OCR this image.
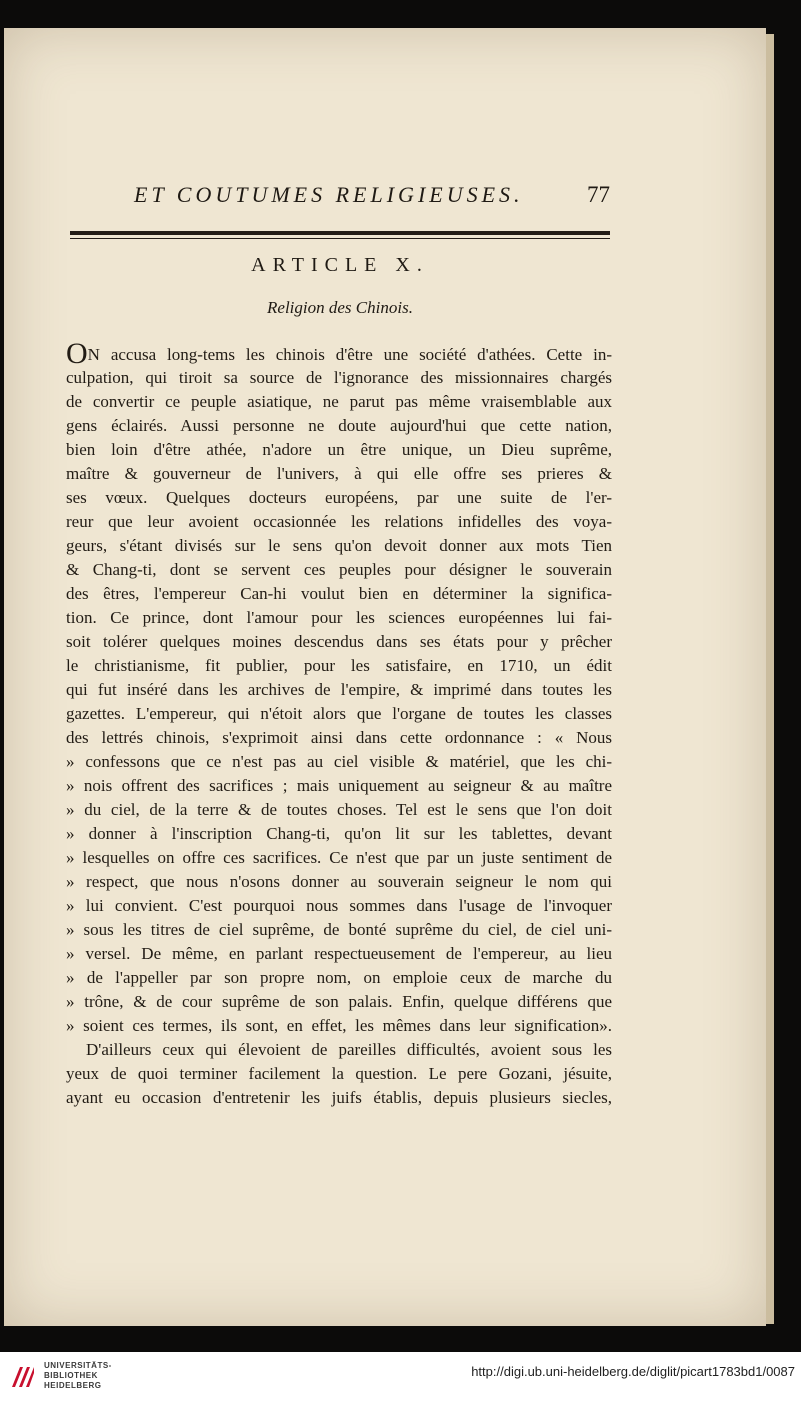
ET COUTUMES RELIGIEUSES.	77
ARTICLE X.
Religion des Chinois.
ON accusa long-tems les chinois d'être une société d'athées. Cette in-
culpation, qui tiroit sa source de l'ignorance des missionnaires chargés
de convertir ce peuple asiatique, ne parut pas même vraisemblable aux
gens éclairés. Aussi personne ne doute aujourd'hui que cette nation,
bien loin d'être athée, n'adore un être unique, un Dieu suprême,
maître & gouverneur de l'univers, à qui elle offre ses prieres &
ses vœux. Quelques docteurs européens, par une suite de l'er-
reur que leur avoient occasionnée les relations infidelles des voya-
geurs, s'étant divisés sur le sens qu'on devoit donner aux mots Tien
& Chang-ti, dont se servent ces peuples pour désigner le souverain
des êtres, l'empereur Can-hi voulut bien en déterminer la significa-
tion. Ce prince, dont l'amour pour les sciences européennes lui fai-
soit tolérer quelques moines descendus dans ses états pour y prêcher
le christianisme, fit publier, pour les satisfaire, en 1710, un édit
qui fut inséré dans les archives de l'empire, & imprimé dans toutes les
gazettes. L'empereur, qui n'étoit alors que l'organe de toutes les classes
des lettrés chinois, s'exprimoit ainsi dans cette ordonnance : « Nous
» confessons que ce n'est pas au ciel visible & matériel, que les chi-
» nois offrent des sacrifices ; mais uniquement au seigneur & au maître
» du ciel, de la terre & de toutes choses. Tel est le sens que l'on doit
» donner à l'inscription Chang-ti, qu'on lit sur les tablettes, devant
» lesquelles on offre ces sacrifices. Ce n'est que par un juste sentiment de
» respect, que nous n'osons donner au souverain seigneur le nom qui
» lui convient. C'est pourquoi nous sommes dans l'usage de l'invoquer
» sous les titres de ciel suprême, de bonté suprême du ciel, de ciel uni-
» versel. De même, en parlant respectueusement de l'empereur, au lieu
» de l'appeller par son propre nom, on emploie ceux de marche du
» trône, & de cour suprême de son palais. Enfin, quelque différens que
» soient ces termes, ils sont, en effet, les mêmes dans leur signification».
D'ailleurs ceux qui élevoient de pareilles difficultés, avoient sous les
yeux de quoi terminer facilement la question. Le pere Gozani, jésuite,
ayant eu occasion d'entretenir les juifs établis, depuis plusieurs siecles,
UNIVERSITÄTS-
BIBLIOTHEK
HEIDELBERG
http://digi.ub.uni-heidelberg.de/diglit/picart1783bd1/0087
